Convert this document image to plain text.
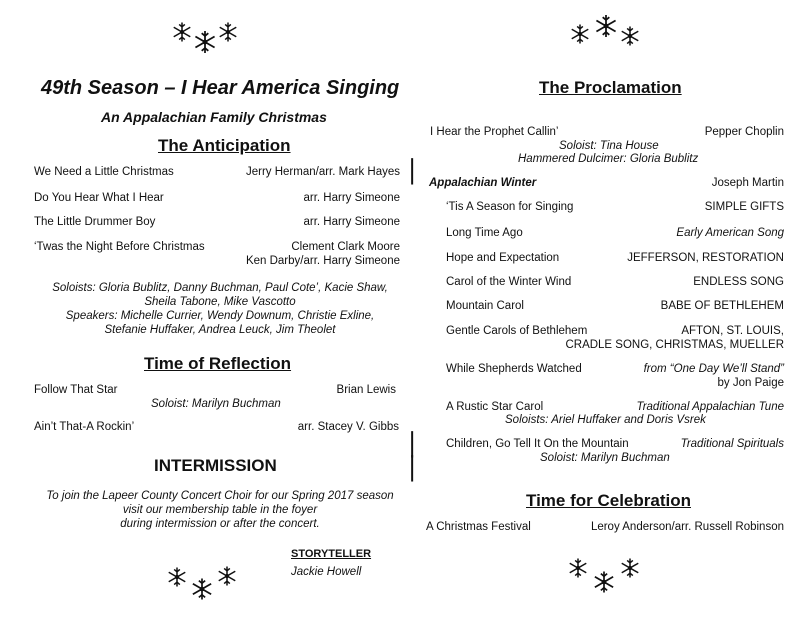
49th Season – I Hear America Singing
An Appalachian Family Christmas
The Anticipation
We Need a Little Christmas	Jerry Herman/arr. Mark Hayes ⎪
Do You Hear What I Hear	arr. Harry Simeone
The Little Drummer Boy	arr. Harry Simeone
‘Twas the Night Before Christmas	Clement Clark Moore
Ken Darby/arr. Harry Simeone
Soloists: Gloria Bublitz, Danny Buchman, Paul Cote’, Kacie Shaw,
Sheila Tabone, Mike Vascotto
Speakers: Michelle Currier, Wendy Downum, Christie Exline,
Stefanie Huffaker, Andrea Leuck, Jim Theolet
Time of Reflection
Follow That Star	Brian Lewis
Soloist: Marilyn Buchman
Ain’t That-A Rockin’	arr. Stacey V. Gibbs
⎪
⎪
INTERMISSION
To join the Lapeer County Concert Choir for our Spring 2017 season
visit our membership table in the foyer
during intermission or after the concert.
STORYTELLER
Jackie Howell
The Proclamation
I Hear the Prophet Callin’	Pepper Choplin
Soloist: Tina House
Hammered Dulcimer: Gloria Bublitz
Appalachian Winter	Joseph Martin
‘Tis A Season for Singing	SIMPLE GIFTS
Long Time Ago	Early American Song
Hope and Expectation	JEFFERSON, RESTORATION
Carol of the Winter Wind	ENDLESS SONG
Mountain Carol	BABE OF BETHLEHEM
Gentle Carols of Bethlehem	AFTON, ST. LOUIS,
CRADLE SONG, CHRISTMAS, MUELLER
While Shepherds Watched	from “One Day We’ll Stand”
by Jon Paige
A Rustic Star Carol	Traditional Appalachian Tune
Soloists: Ariel Huffaker and Doris Vsrek
Children, Go Tell It On the Mountain	Traditional Spirituals
Soloist: Marilyn Buchman
Time for Celebration
A Christmas Festival	Leroy Anderson/arr. Russell Robinson
